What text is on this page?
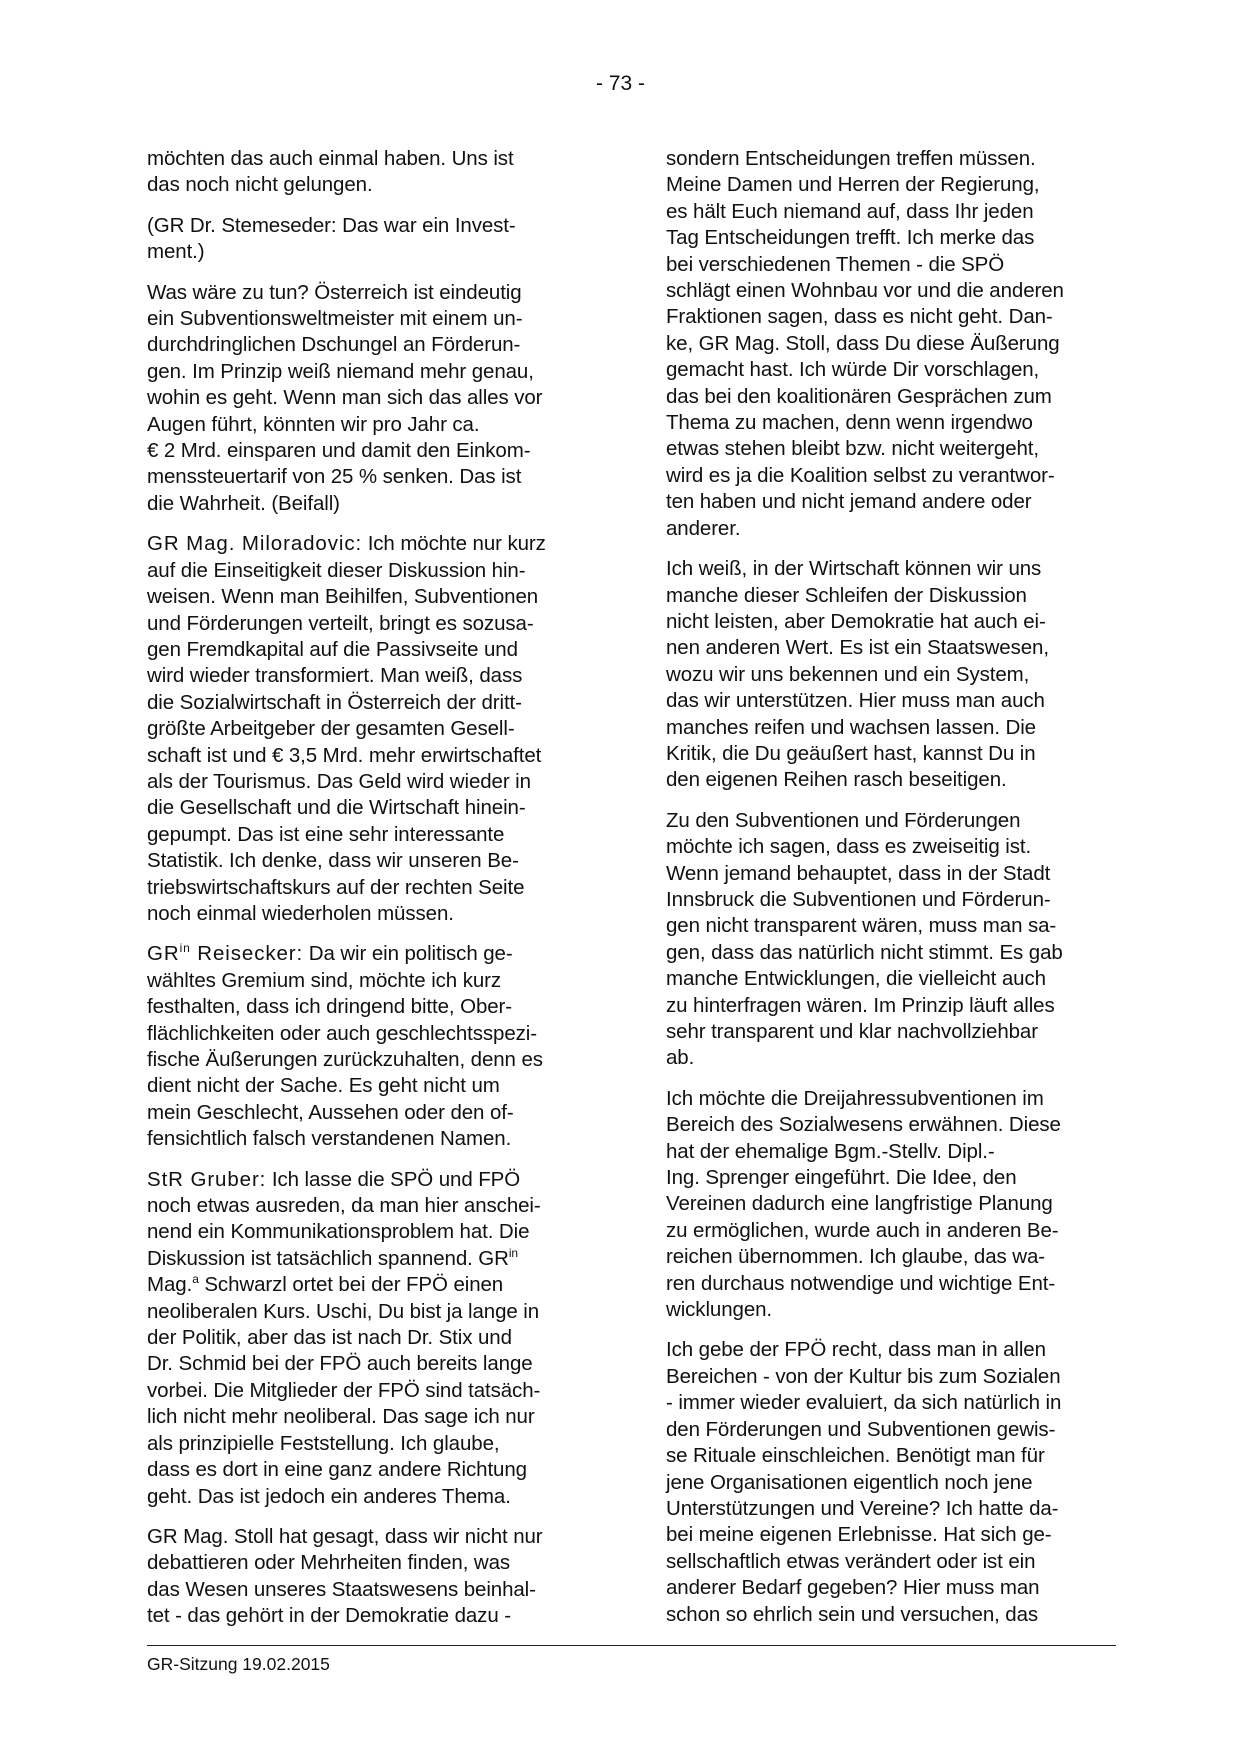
- 73 -

möchten das auch einmal haben. Uns ist
das noch nicht gelungen.

(GR Dr. Stemeseder: Das war ein Invest-
ment.)

Was wäre zu tun? Österreich ist eindeutig
ein Subventionsweltmeister mit einem un-
durchdringlichen Dschungel an Förderun-
gen. Im Prinzip weiß niemand mehr genau,
wohin es geht. Wenn man sich das alles vor
Augen führt, könnten wir pro Jahr ca.
€ 2 Mrd. einsparen und damit den Einkom-
menssteuertarif von 25 % senken. Das ist
die Wahrheit. (Beifall)

GR Mag. Miloradovic: Ich möchte nur kurz
auf die Einseitigkeit dieser Diskussion hin-
weisen. Wenn man Beihilfen, Subventionen
und Förderungen verteilt, bringt es sozusa-
gen Fremdkapital auf die Passivseite und
wird wieder transformiert. Man weiß, dass
die Sozialwirtschaft in Österreich der dritt-
größte Arbeitgeber der gesamten Gesell-
schaft ist und € 3,5 Mrd. mehr erwirtschaftet
als der Tourismus. Das Geld wird wieder in
die Gesellschaft und die Wirtschaft hinein-
gepumpt. Das ist eine sehr interessante
Statistik. Ich denke, dass wir unseren Be-
triebswirtschaftskurs auf der rechten Seite
noch einmal wiederholen müssen.

$GR^{in}$ Reisecker: Da wir ein politisch ge-
wähltes Gremium sind, möchte ich kurz
festhalten, dass ich dringend bitte, Ober-
flächlichkeiten oder auch geschlechtsspezi-
fische Äußerungen zurückzuhalten, denn es
dient nicht der Sache. Es geht nicht um
mein Geschlecht, Aussehen oder den of-
fensichtlich falsch verstandenen Namen.

StR Gruber: Ich lasse die SPÖ und FPÖ
noch etwas ausreden, da man hier anschei-
nend ein Kommunikationsproblem hat. Die
Diskussion ist tatsächlich spannend. $GR^{in}$
Mag.$^a$ Schwarzl ortet bei der FPÖ einen
neoliberalen Kurs. Uschi, Du bist ja lange in
der Politik, aber das ist nach Dr. Stix und
Dr. Schmid bei der FPÖ auch bereits lange
vorbei. Die Mitglieder der FPÖ sind tatsäch-
lich nicht mehr neoliberal. Das sage ich nur
als prinzipielle Feststellung. Ich glaube,
dass es dort in eine ganz andere Richtung
geht. Das ist jedoch ein anderes Thema.

GR Mag. Stoll hat gesagt, dass wir nicht nur
debattieren oder Mehrheiten finden, was
das Wesen unseres Staatswesens beinhal-
tet - das gehört in der Demokratie dazu -

sondern Entscheidungen treffen müssen.
Meine Damen und Herren der Regierung,
es hält Euch niemand auf, dass Ihr jeden
Tag Entscheidungen trefft. Ich merke das
bei verschiedenen Themen - die SPÖ
schlägt einen Wohnbau vor und die anderen
Fraktionen sagen, dass es nicht geht. Dan-
ke, GR Mag. Stoll, dass Du diese Äußerung
gemacht hast. Ich würde Dir vorschlagen,
das bei den koalitionären Gesprächen zum
Thema zu machen, denn wenn irgendwo
etwas stehen bleibt bzw. nicht weitergeht,
wird es ja die Koalition selbst zu verantwor-
ten haben und nicht jemand andere oder
anderer.

Ich weiß, in der Wirtschaft können wir uns
manche dieser Schleifen der Diskussion
nicht leisten, aber Demokratie hat auch ei-
nen anderen Wert. Es ist ein Staatswesen,
wozu wir uns bekennen und ein System,
das wir unterstützen. Hier muss man auch
manches reifen und wachsen lassen. Die
Kritik, die Du geäußert hast, kannst Du in
den eigenen Reihen rasch beseitigen.

Zu den Subventionen und Förderungen
möchte ich sagen, dass es zweiseitig ist.
Wenn jemand behauptet, dass in der Stadt
Innsbruck die Subventionen und Förderun-
gen nicht transparent wären, muss man sa-
gen, dass das natürlich nicht stimmt. Es gab
manche Entwicklungen, die vielleicht auch
zu hinterfragen wären. Im Prinzip läuft alles
sehr transparent und klar nachvollziehbar
ab.

Ich möchte die Dreijahressubventionen im
Bereich des Sozialwesens erwähnen. Diese
hat der ehemalige Bgm.-Stellv. Dipl.-
Ing. Sprenger eingeführt. Die Idee, den
Vereinen dadurch eine langfristige Planung
zu ermöglichen, wurde auch in anderen Be-
reichen übernommen. Ich glaube, das wa-
ren durchaus notwendige und wichtige Ent-
wicklungen.

Ich gebe der FPÖ recht, dass man in allen
Bereichen - von der Kultur bis zum Sozialen
- immer wieder evaluiert, da sich natürlich in
den Förderungen und Subventionen gewis-
se Rituale einschleichen. Benötigt man für
jene Organisationen eigentlich noch jene
Unterstützungen und Vereine? Ich hatte da-
bei meine eigenen Erlebnisse. Hat sich ge-
sellschaftlich etwas verändert oder ist ein
anderer Bedarf gegeben? Hier muss man
schon so ehrlich sein und versuchen, das

GR-Sitzung 19.02.2015
